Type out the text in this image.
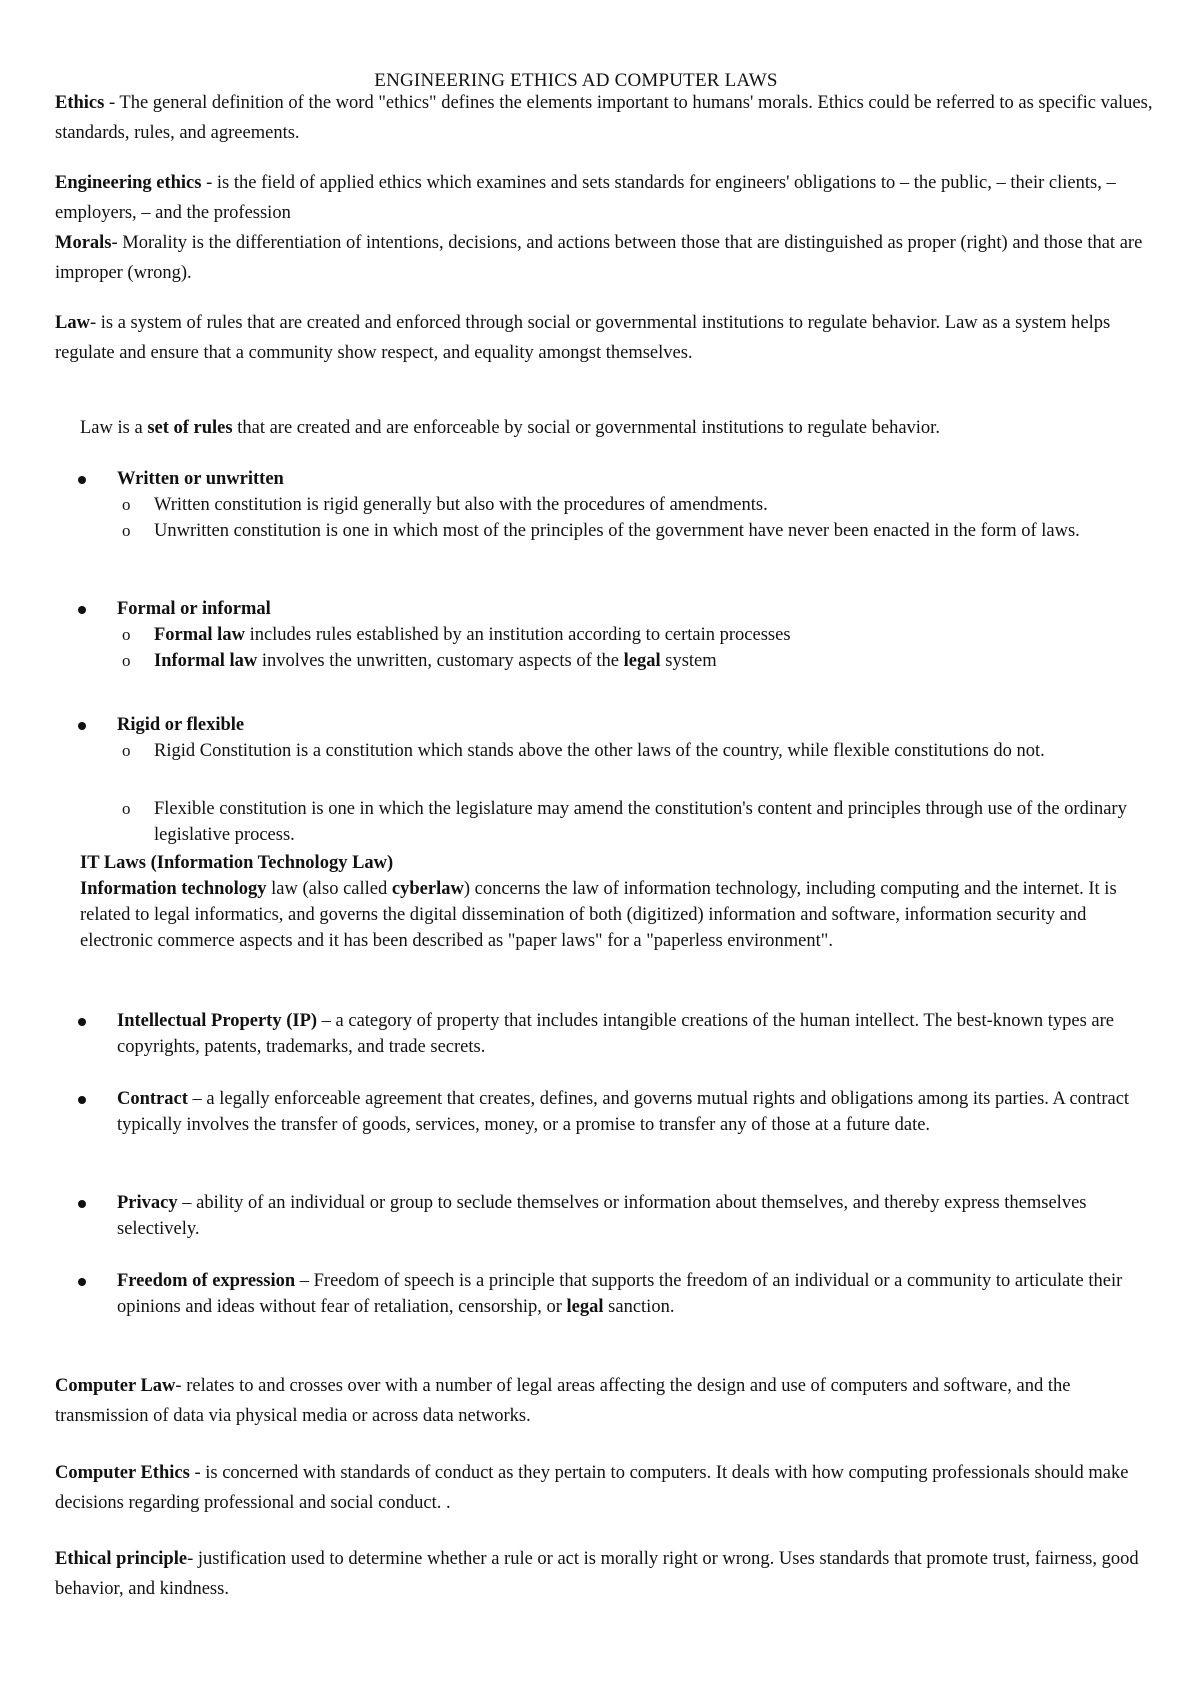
ENGINEERING ETHICS AD COMPUTER LAWS

Ethics - The general definition of the word "ethics" defines the elements important to humans' morals. Ethics could be referred to as specific values, standards, rules, and agreements.

Engineering ethics - is the field of applied ethics which examines and sets standards for engineers' obligations to – the public, – their clients, – employers, – and the profession

Morals- Morality is the differentiation of intentions, decisions, and actions between those that are distinguished as proper (right) and those that are improper (wrong).

Law- is a system of rules that are created and enforced through social or governmental institutions to regulate behavior. Law as a system helps regulate and ensure that a community show respect, and equality amongst themselves.

Law is a set of rules that are created and are enforceable by social or governmental institutions to regulate behavior.

Written or unwritten

o Written constitution is rigid generally but also with the procedures of amendments.

o Unwritten constitution is one in which most of the principles of the government have never been enacted in the form of laws.

Formal or informal

o Formal law includes rules established by an institution according to certain processes

o Informal law involves the unwritten, customary aspects of the legal system

Rigid or flexible

o Rigid Constitution is a constitution which stands above the other laws of the country, while flexible constitutions do not.

o Flexible constitution is one in which the legislature may amend the constitution's content and principles through use of the ordinary legislative process.

IT Laws (Information Technology Law)

Information technology law (also called cyberlaw) concerns the law of information technology, including computing and the internet. It is related to legal informatics, and governs the digital dissemination of both (digitized) information and software, information security and electronic commerce aspects and it has been described as "paper laws" for a "paperless environment".

Intellectual Property (IP) – a category of property that includes intangible creations of the human intellect. The best-known types are copyrights, patents, trademarks, and trade secrets.

Contract – a legally enforceable agreement that creates, defines, and governs mutual rights and obligations among its parties. A contract typically involves the transfer of goods, services, money, or a promise to transfer any of those at a future date.

Privacy – ability of an individual or group to seclude themselves or information about themselves, and thereby express themselves selectively.

Freedom of expression – Freedom of speech is a principle that supports the freedom of an individual or a community to articulate their opinions and ideas without fear of retaliation, censorship, or legal sanction.

Computer Law- relates to and crosses over with a number of legal areas affecting the design and use of computers and software, and the transmission of data via physical media or across data networks.

Computer Ethics - is concerned with standards of conduct as they pertain to computers. It deals with how computing professionals should make decisions regarding professional and social conduct. .

Ethical principle- justification used to determine whether a rule or act is morally right or wrong. Uses standards that promote trust, fairness, good behavior, and kindness.
